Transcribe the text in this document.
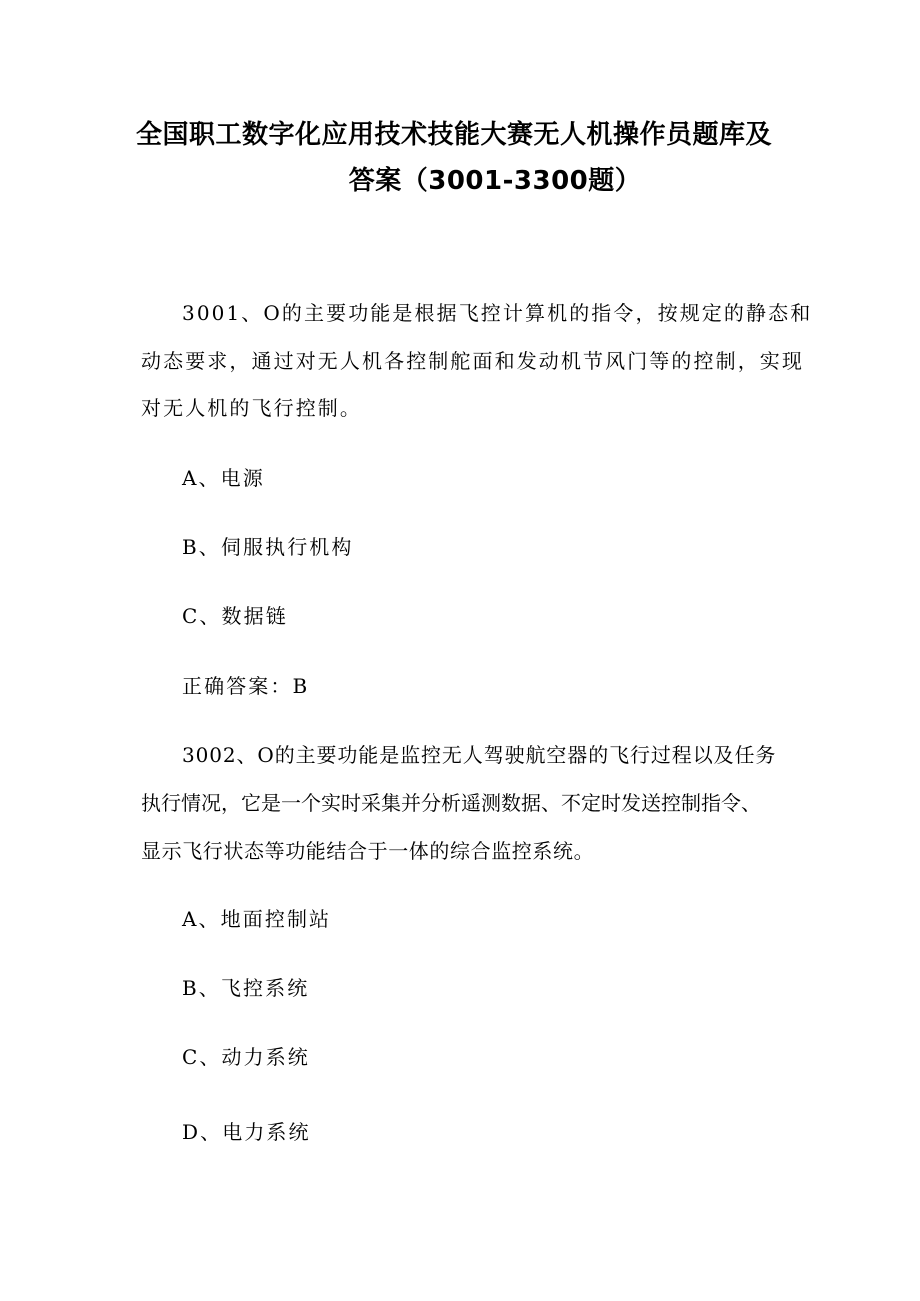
全国职工数字化应用技术技能大赛无人机操作员题库及
答案（3001-3300题）
3001、O的主要功能是根据飞控计算机的指令，按规定的静态和
动态要求，通过对无人机各控制舵面和发动机节风门等的控制，实现
对无人机的飞行控制。
A、电源
B、伺服执行机构
C、数据链
正确答案：B
3002、O的主要功能是监控无人驾驶航空器的飞行过程以及任务
执行情况，它是一个实时采集并分析遥测数据、不定时发送控制指令、
显示飞行状态等功能结合于一体的综合监控系统。
A、地面控制站
B、飞控系统
C、动力系统
D、电力系统
